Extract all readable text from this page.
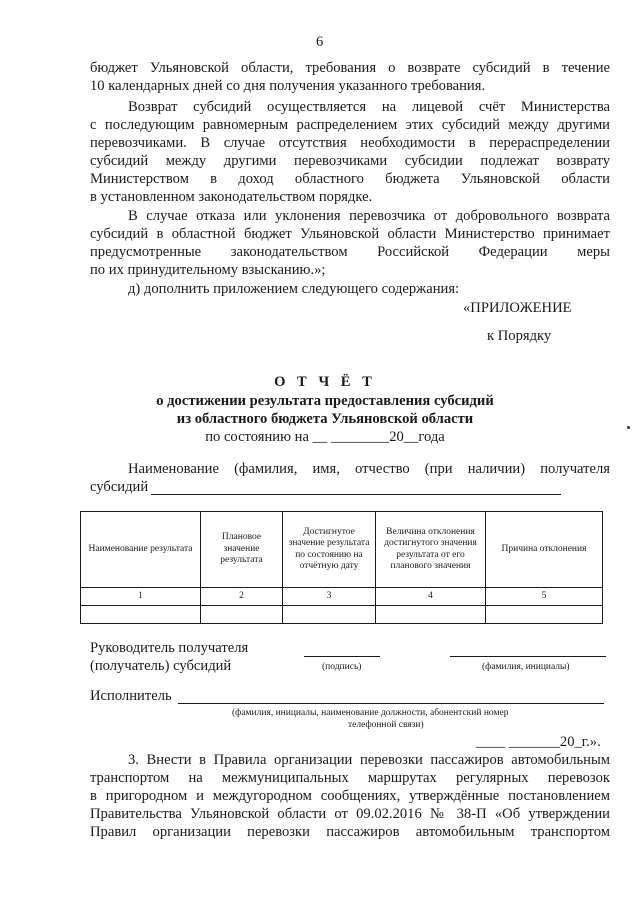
6
бюджет Ульяновской области, требования о возврате субсидий в течение
10 календарных дней со дня получения указанного требования.
Возврат субсидий осуществляется на лицевой счёт Министерства
с последующим равномерным распределением этих субсидий между другими
перевозчиками. В случае отсутствия необходимости в перераспределении
субсидий между другими перевозчиками субсидии подлежат возврату
Министерством в доход областного бюджета Ульяновской области
в установленном законодательством порядке.
В случае отказа или уклонения перевозчика от добровольного возврата
субсидий в областной бюджет Ульяновской области Министерство принимает
предусмотренные законодательством Российской Федерации меры
по их принудительному взысканию.»;
д) дополнить приложением следующего содержания:
«ПРИЛОЖЕНИЕ
к Порядку
О Т Ч Ё Т
о достижении результата предоставления субсидий
из областного бюджета Ульяновской области
по состоянию на __ ________20__года
Наименование (фамилия, имя, отчество (при наличии) получателя
субсидий
Наименование результата	Плановое значение результата	Достигнутое значение результата по состоянию на отчётную дату	Величина отклонения достигнутого значения результата от его планового значения	Причина отклонения
1	2	3	4	5

Руководитель получателя
(получатель) субсидий	(подпись)	(фамилия, инициалы)
Исполнитель
(фамилия, инициалы, наименование должности, абонентский номер
телефонной связи)
____ _______20_г.».
3. Внести в Правила организации перевозки пассажиров автомобильным
транспортом на межмуниципальных маршрутах регулярных перевозок
в пригородном и междугородном сообщениях, утверждённые постановлением
Правительства Ульяновской области от 09.02.2016 № 38-П «Об утверждении
Правил организации перевозки пассажиров автомобильным транспортом
